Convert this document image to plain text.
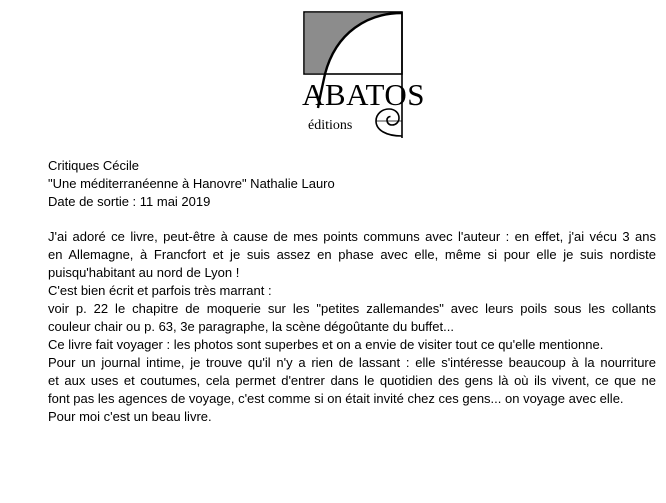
ABATOS
éditions
Critiques Cécile
"Une méditerranéenne à Hanovre" Nathalie Lauro
Date de sortie : 11 mai 2019
J'ai adoré ce livre, peut-être à cause de mes points communs avec l'auteur : en effet, j'ai vécu 3 ans
en Allemagne, à Francfort et je suis assez en phase avec elle, même si pour elle je suis nordiste
puisqu'habitant au nord de Lyon !
C'est bien écrit et parfois très marrant :
voir p. 22 le chapitre de moquerie sur les "petites zallemandes" avec leurs poils sous les collants
couleur chair ou p. 63, 3e paragraphe, la scène dégoûtante du buffet...
Ce livre fait voyager : les photos sont superbes et on a envie de visiter tout ce qu'elle mentionne.
Pour un journal intime, je trouve qu'il n'y a rien de lassant : elle s'intéresse beaucoup à la nourriture
et aux uses et coutumes, cela permet d'entrer dans le quotidien des gens là où ils vivent, ce que ne
font pas les agences de voyage, c'est comme si on était invité chez ces gens... on voyage avec elle.
Pour moi c'est un beau livre.
